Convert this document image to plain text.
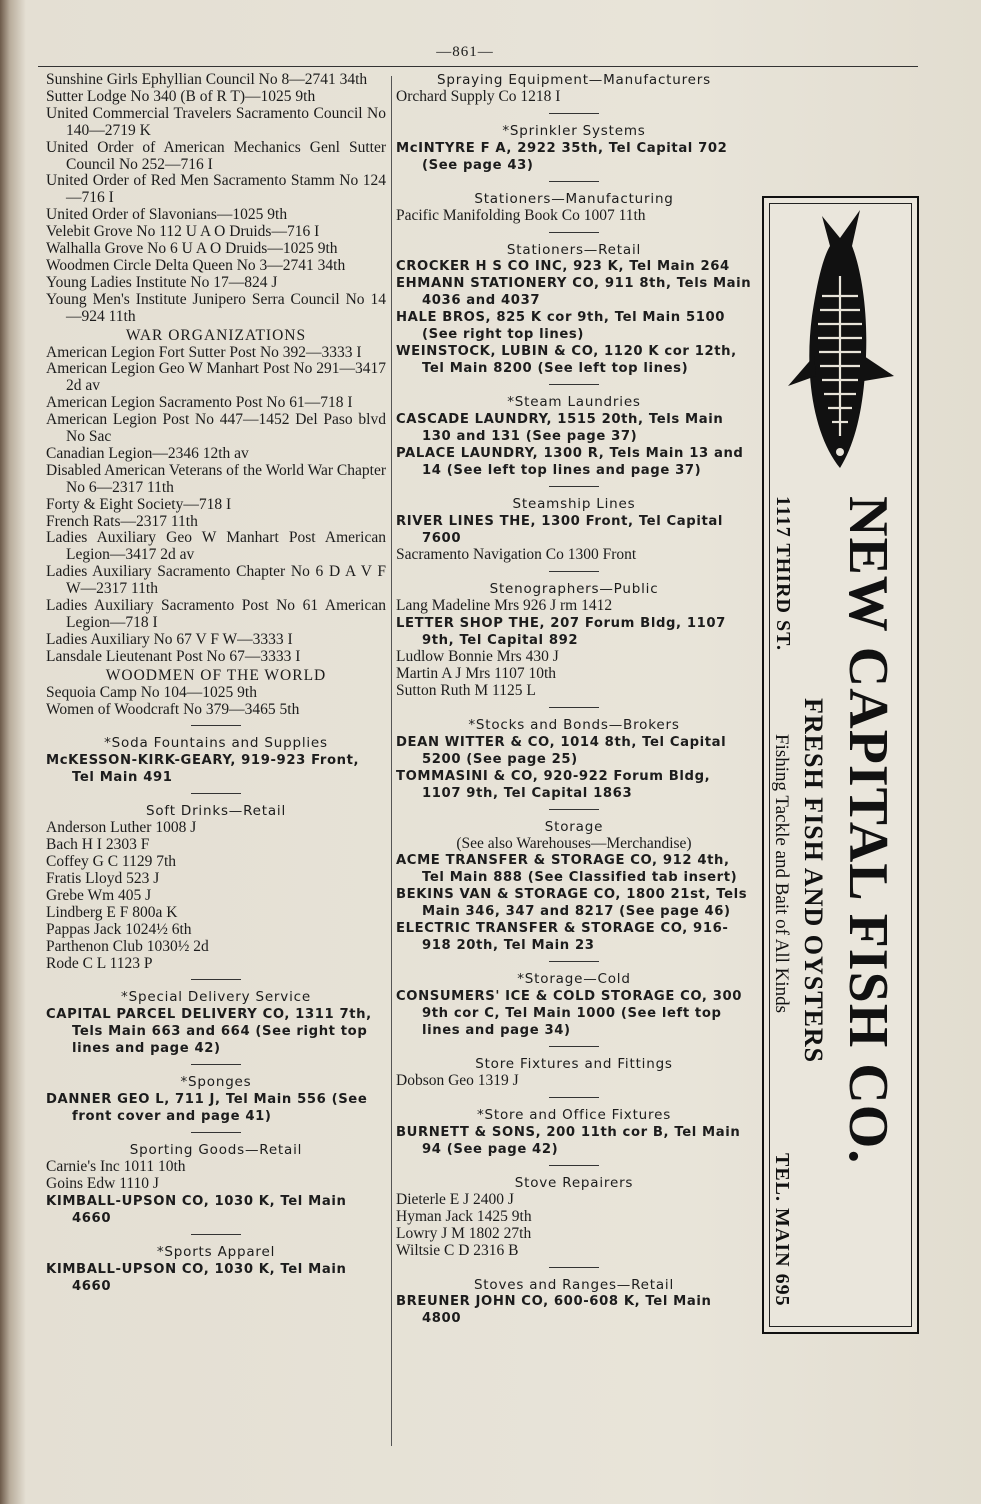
—861—
Sunshine Girls Ephyllian Council No 8—2741 34th
Sutter Lodge No 340 (B of R T)—1025 9th
United Commercial Travelers Sacramento Council No 140—2719 K
United Order of American Mechanics Genl Sutter Council No 252—716 I
United Order of Red Men Sacramento Stamm No 124—716 I
United Order of Slavonians—1025 9th
Velebit Grove No 112 U A O Druids—716 I
Walhalla Grove No 6 U A O Druids—1025 9th
Woodmen Circle Delta Queen No 3—2741 34th
Young Ladies Institute No 17—824 J
Young Men's Institute Junipero Serra Council No 14—924 11th
WAR ORGANIZATIONS
American Legion Fort Sutter Post No 392—3333 I
American Legion Geo W Manhart Post No 291—3417 2d av
American Legion Sacramento Post No 61—718 I
American Legion Post No 447—1452 Del Paso blvd No Sac
Canadian Legion—2346 12th av
Disabled American Veterans of the World War Chapter No 6—2317 11th
Forty & Eight Society—718 I
French Rats—2317 11th
Ladies Auxiliary Geo W Manhart Post American Legion—3417 2d av
Ladies Auxiliary Sacramento Chapter No 6 D A V F W—2317 11th
Ladies Auxiliary Sacramento Post No 61 American Legion—718 I
Ladies Auxiliary No 67 V F W—3333 I
Lansdale Lieutenant Post No 67—3333 I
WOODMEN OF THE WORLD
Sequoia Camp No 104—1025 9th
Women of Woodcraft No 379—3465 5th
*Soda Fountains and Supplies
McKESSON-KIRK-GEARY, 919-923 Front, Tel Main 491
Soft Drinks—Retail
Anderson Luther 1008 J
Bach H I 2303 F
Coffey G C 1129 7th
Fratis Lloyd 523 J
Grebe Wm 405 J
Lindberg E F 800a K
Pappas Jack 1024½ 6th
Parthenon Club 1030½ 2d
Rode C L 1123 P
*Special Delivery Service
CAPITAL PARCEL DELIVERY CO, 1311 7th, Tels Main 663 and 664 (See right top lines and page 42)
*Sponges
DANNER GEO L, 711 J, Tel Main 556 (See front cover and page 41)
Sporting Goods—Retail
Carnie's Inc 1011 10th
Goins Edw 1110 J
KIMBALL-UPSON CO, 1030 K, Tel Main 4660
*Sports Apparel
KIMBALL-UPSON CO, 1030 K, Tel Main 4660
Spraying Equipment—Manufacturers
Orchard Supply Co 1218 I
*Sprinkler Systems
McINTYRE F A, 2922 35th, Tel Capital 702 (See page 43)
Stationers—Manufacturing
Pacific Manifolding Book Co 1007 11th
Stationers—Retail
CROCKER H S CO INC, 923 K, Tel Main 264
EHMANN STATIONERY CO, 911 8th, Tels Main 4036 and 4037
HALE BROS, 825 K cor 9th, Tel Main 5100 (See right top lines)
WEINSTOCK, LUBIN & CO, 1120 K cor 12th, Tel Main 8200 (See left top lines)
*Steam Laundries
CASCADE LAUNDRY, 1515 20th, Tels Main 130 and 131 (See page 37)
PALACE LAUNDRY, 1300 R, Tels Main 13 and 14 (See left top lines and page 37)
Steamship Lines
RIVER LINES THE, 1300 Front, Tel Capital 7600
Sacramento Navigation Co 1300 Front
Stenographers—Public
Lang Madeline Mrs 926 J rm 1412
LETTER SHOP THE, 207 Forum Bldg, 1107 9th, Tel Capital 892
Ludlow Bonnie Mrs 430 J
Martin A J Mrs 1107 10th
Sutton Ruth M 1125 L
*Stocks and Bonds—Brokers
DEAN WITTER & CO, 1014 8th, Tel Capital 5200 (See page 25)
TOMMASINI & CO, 920-922 Forum Bldg, 1107 9th, Tel Capital 1863
Storage
(See also Warehouses—Merchandise)
ACME TRANSFER & STORAGE CO, 912 4th, Tel Main 888 (See Classified tab insert)
BEKINS VAN & STORAGE CO, 1800 21st, Tels Main 346, 347 and 8217 (See page 46)
ELECTRIC TRANSFER & STORAGE CO, 916-918 20th, Tel Main 23
*Storage—Cold
CONSUMERS' ICE & COLD STORAGE CO, 300 9th cor C, Tel Main 1000 (See left top lines and page 34)
Store Fixtures and Fittings
Dobson Geo 1319 J
*Store and Office Fixtures
BURNETT & SONS, 200 11th cor B, Tel Main 94 (See page 42)
Stove Repairers
Dieterle E J 2400 J
Hyman Jack 1425 9th
Lowry J M 1802 27th
Wiltsie C D 2316 B
Stoves and Ranges—Retail
BREUNER JOHN CO, 600-608 K, Tel Main 4800
NEW CAPITAL FISH CO.
FRESH FISH AND OYSTERS
1117 THIRD ST.
Fishing Tackle and Bait of All Kinds
TEL. MAIN 695
